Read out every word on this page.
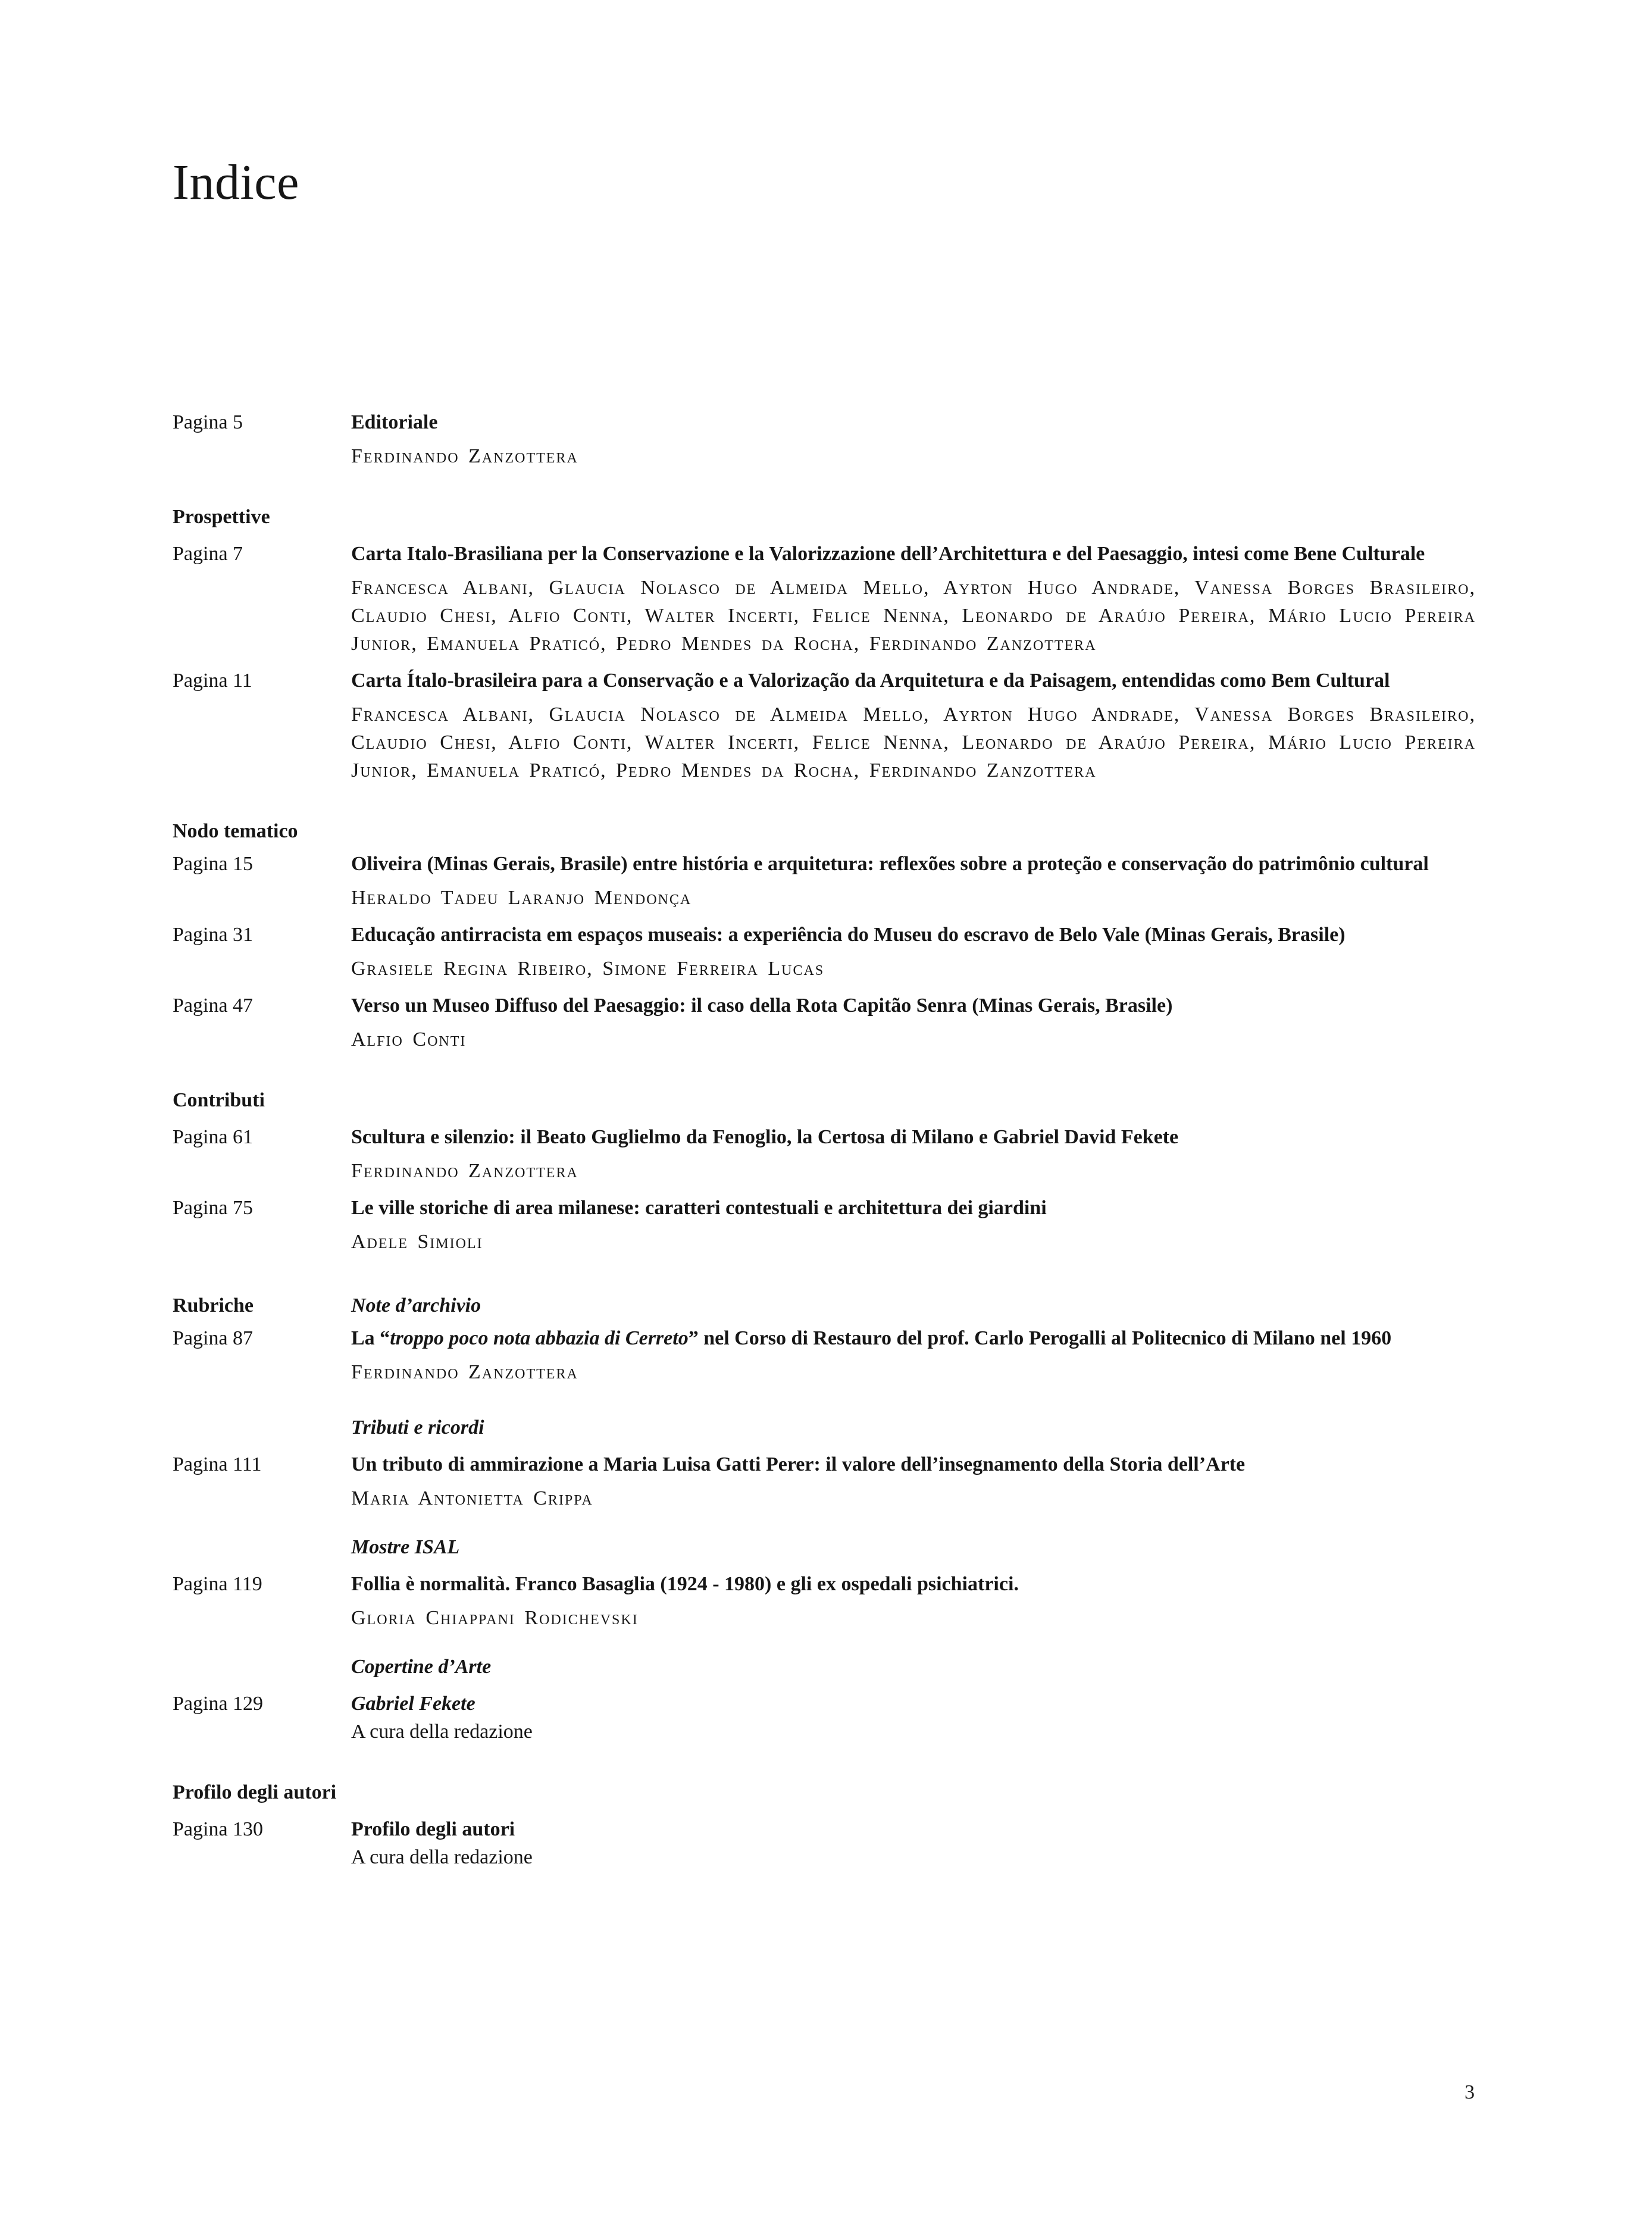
Indice
Pagina 5	Editoriale
Ferdinando Zanzottera
Prospettive
Pagina 7	Carta Italo-Brasiliana per la Conservazione e la Valorizzazione dell’Architettura e del Paesaggio, intesi come Bene Culturale
Francesca Albani, Glaucia Nolasco de Almeida Mello, Ayrton Hugo Andrade, Vanessa Borges Brasileiro, Claudio Chesi, Alfio Conti, Walter Incerti, Felice Nenna, Leonardo de Araújo Pereira, Mário Lucio Pereira Junior, Emanuela Praticó, Pedro Mendes da Rocha, Ferdinando Zanzottera
Pagina 11	Carta Ítalo-brasileira para a Conservação e a Valorização da Arquitetura e da Paisagem, entendidas como Bem Cultural
Francesca Albani, Glaucia Nolasco de Almeida Mello, Ayrton Hugo Andrade, Vanessa Borges Brasileiro, Claudio Chesi, Alfio Conti, Walter Incerti, Felice Nenna, Leonardo de Araújo Pereira, Mário Lucio Pereira Junior, Emanuela Praticó, Pedro Mendes da Rocha, Ferdinando Zanzottera
Nodo tematico
Pagina 15	Oliveira (Minas Gerais, Brasile) entre história e arquitetura: reflexões sobre a proteção e conservação do patrimônio cultural
Heraldo Tadeu Laranjo Mendonça
Pagina 31	Educação antirracista em espaços museais: a experiência do Museu do escravo de Belo Vale (Minas Gerais, Brasile)
Grasiele Regina Ribeiro, Simone Ferreira Lucas
Pagina 47	Verso un Museo Diffuso del Paesaggio: il caso della Rota Capitão Senra (Minas Gerais, Brasile)
Alfio Conti
Contributi
Pagina 61	Scultura e silenzio: il Beato Guglielmo da Fenoglio, la Certosa di Milano e Gabriel David Fekete
Ferdinando Zanzottera
Pagina 75	Le ville storiche di area milanese: caratteri contestuali e architettura dei giardini
Adele Simioli
Rubriche	Note d’archivio
Pagina 87	La “troppo poco nota abbazia di Cerreto” nel Corso di Restauro del prof. Carlo Perogalli al Politecnico di Milano nel 1960
Ferdinando Zanzottera
Tributi e ricordi
Pagina 111	Un tributo di ammirazione a Maria Luisa Gatti Perer: il valore dell’insegnamento della Storia dell’Arte
Maria Antonietta Crippa
Mostre ISAL
Pagina 119	Follia è normalità. Franco Basaglia (1924 - 1980) e gli ex ospedali psichiatrici.
Gloria Chiappani Rodichevski
Copertine d’Arte
Pagina 129	Gabriel Fekete
A cura della redazione
Profilo degli autori
Pagina 130	Profilo degli autori
A cura della redazione
3
